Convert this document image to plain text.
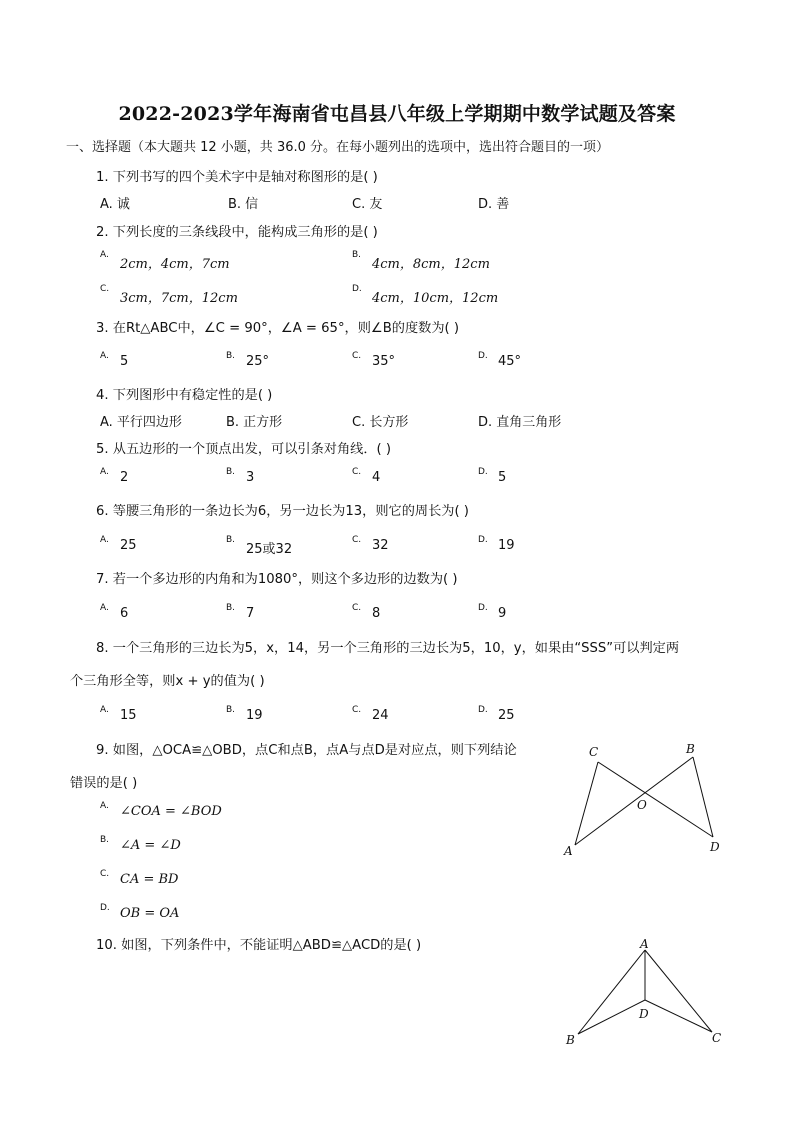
2022-2023学年海南省屯昌县八年级上学期期中数学试题及答案
一、选择题（本大题共 12 小题，共 36.0 分。在每小题列出的选项中，选出符合题目的一项）
1. 下列书写的四个美术字中是轴对称图形的是( )
A. 诚	B. 信	C. 友	D. 善
2. 下列长度的三条线段中，能构成三角形的是( )
A.
2cm，4cm，7cm
B.
4cm，8cm，12cm
C.
3cm，7cm，12cm
D.
4cm，10cm，12cm
3. 在Rt△ABC中，∠C = 90°，∠A = 65°，则∠B的度数为( )
A. 5	B. 25°	C. 35°	D. 45°
4. 下列图形中有稳定性的是( )
A. 平行四边形	B. 正方形	C. 长方形	D. 直角三角形
5. 从五边形的一个顶点出发，可以引条对角线．( )
A. 2	B. 3	C. 4	D. 5
6. 等腰三角形的一条边长为6，另一边长为13，则它的周长为( )
A. 25	B.
25或32
C. 32	D. 19
7. 若一个多边形的内角和为1080°，则这个多边形的边数为( )
A. 6	B. 7	C. 8	D. 9
8. 一个三角形的三边长为5，x，14，另一个三角形的三边长为5，10，y，如果由“SSS”可以判定两
个三角形全等，则x + y的值为( )
A. 15	B. 19	C. 24	D. 25
9. 如图，△OCA≌△OBD，点C和点B，点A与点D是对应点，则下列结论
错误的是( )
A. ∠COA = ∠BOD
B. ∠A = ∠D
C. CA = BD
D. OB = OA
10. 如图，下列条件中，不能证明△ABD≌△ACD的是( )
C	B
O
A	D
A
B	C
D
